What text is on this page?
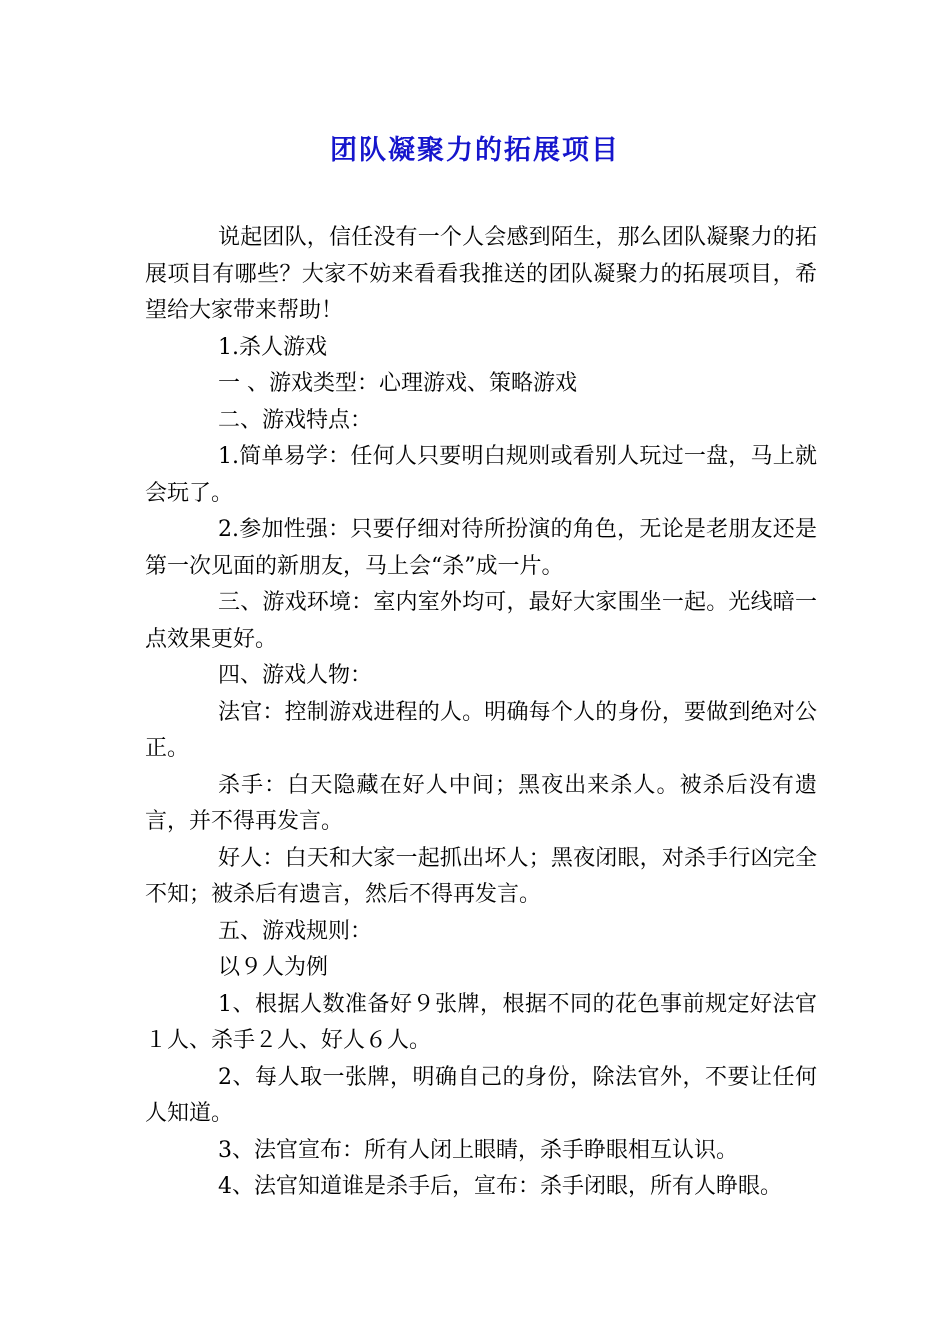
团队凝聚力的拓展项目

说起团队，信任没有一个人会感到陌生，那么团队凝聚力的拓展项目有哪些？大家不妨来看看我推送的团队凝聚力的拓展项目，希望给大家带来帮助！

1.杀人游戏

一 、游戏类型：心理游戏、策略游戏

二、游戏特点：

1.简单易学：任何人只要明白规则或看别人玩过一盘，马上就会玩了。

2.参加性强：只要仔细对待所扮演的角色，无论是老朋友还是第一次见面的新朋友，马上会“杀”成一片。

三、游戏环境：室内室外均可，最好大家围坐一起。光线暗一点效果更好。

四、游戏人物：

法官：控制游戏进程的人。明确每个人的身份，要做到绝对公正。

杀手：白天隐藏在好人中间；黑夜出来杀人。被杀后没有遗言，并不得再发言。

好人：白天和大家一起抓出坏人；黑夜闭眼，对杀手行凶完全不知；被杀后有遗言，然后不得再发言。

五、游戏规则：

以９人为例

1、根据人数准备好９张牌，根据不同的花色事前规定好法官１人、杀手２人、好人６人。

2、每人取一张牌，明确自己的身份，除法官外，不要让任何人知道。

3、法官宣布：所有人闭上眼睛，杀手睁眼相互认识。

4、法官知道谁是杀手后，宣布：杀手闭眼，所有人睁眼。
